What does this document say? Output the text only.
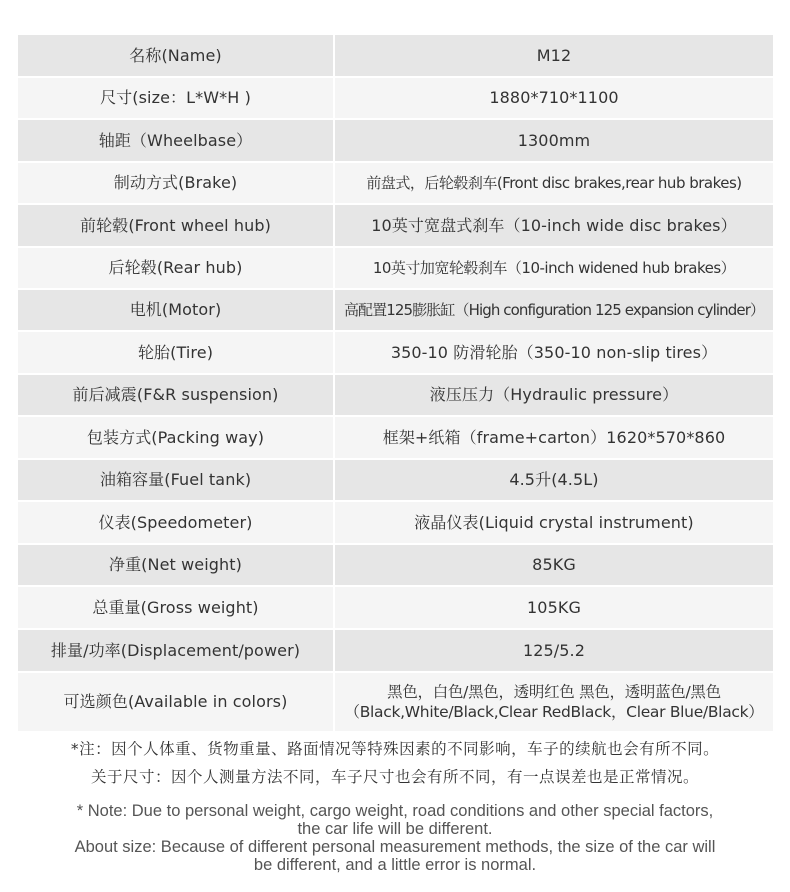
名称(Name)	M12
尺寸(size：L*W*H )	1880*710*1100
轴距（Wheelbase）	1300mm
制动方式(Brake)	前盘式，后轮毂刹车(Front disc brakes,rear hub brakes)
前轮毂(Front wheel hub)	10英寸宽盘式刹车（10-inch wide disc brakes）
后轮毂(Rear hub)	10英寸加宽轮毂刹车（10-inch widened hub brakes）
电机(Motor)	高配置125膨胀缸（High configuration 125 expansion cylinder）
轮胎(Tire)	350-10 防滑轮胎（350-10 non-slip tires）
前后减震(F&R suspension)	液压压力（Hydraulic pressure）
包装方式(Packing way)	框架+纸箱（frame+carton）1620*570*860
油箱容量(Fuel tank)	4.5升(4.5L)
仪表(Speedometer)	液晶仪表(Liquid crystal instrument)
净重(Net weight)	85KG
总重量(Gross weight)	105KG
排量/功率(Displacement/power)	125/5.2
可选颜色(Available in colors)	黑色，白色/黑色，透明红色 黑色，透明蓝色/黑色
（Black,White/Black,Clear RedBlack，Clear Blue/Black）
*注：因个人体重、货物重量、路面情况等特殊因素的不同影响，车子的续航也会有所不同。
关于尺寸：因个人测量方法不同，车子尺寸也会有所不同，有一点误差也是正常情况。
* Note: Due to personal weight, cargo weight, road conditions and other special factors,
the car life will be different.
About size: Because of different personal measurement methods, the size of the car will
be different, and a little error is normal.
